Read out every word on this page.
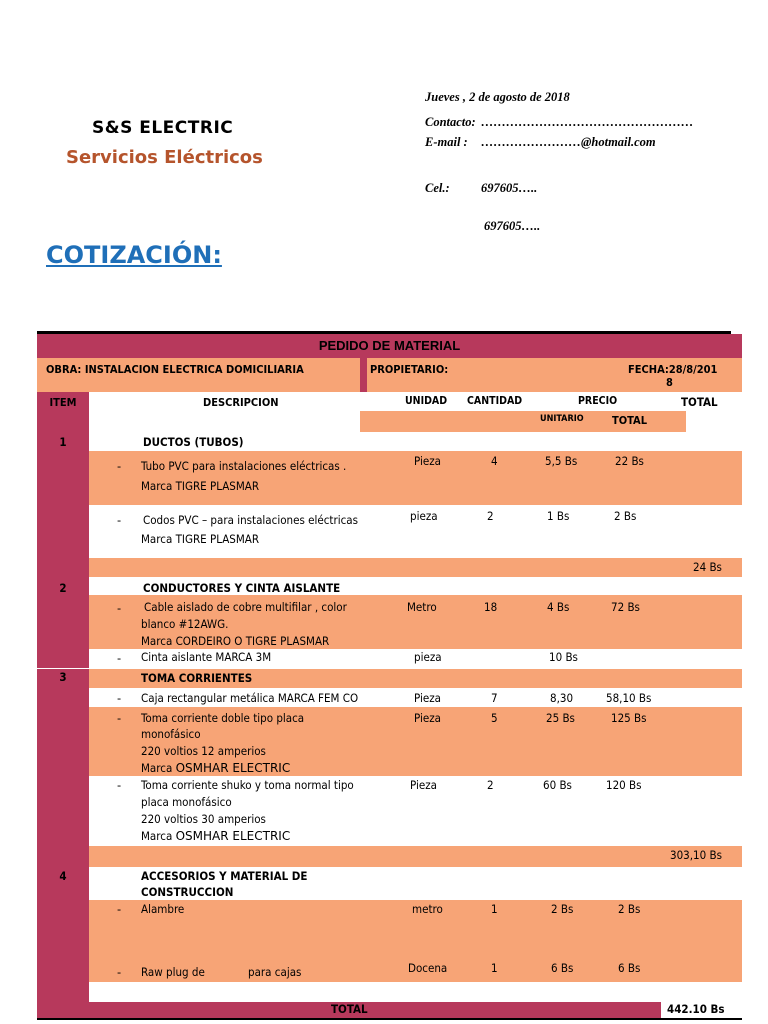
S&S ELECTRIC
Servicios Eléctricos
Jueves , 2 de agosto de 2018
Contacto: ……………………………………………
E-mail : ……………………@hotmail.com
Cel.:	697605…..
697605…..
COTIZACIÓN:
PEDIDO DE MATERIAL
OBRA: INSTALACION ELECTRICA DOMICILIARIA	PROPIETARIO:	FECHA:28/8/201
8
ITEM	DESCRIPCION	UNIDAD CANTIDAD	PRECIO	TOTAL
UNITARIO	TOTAL
1	DUCTOS (TUBOS)
- Tubo PVC para instalaciones eléctricas .
Marca TIGRE PLASMAR
Pieza	4	5,5 Bs	22 Bs
- Codos PVC – para instalaciones eléctricas
Marca TIGRE PLASMAR
pieza	2	1 Bs	2 Bs
24 Bs
2	CONDUCTORES Y CINTA AISLANTE
- Cable aislado de cobre multifilar , color
blanco #12AWG.
Marca CORDEIRO O TIGRE PLASMAR
Metro	18	4 Bs	72 Bs
- Cinta aislante MARCA 3M	pieza	10 Bs
3	TOMA CORRIENTES
- Caja rectangular metálica MARCA FEM CO	Pieza	7	8,30	58,10 Bs
- Toma corriente doble tipo placa
monofásico
220 voltios 12 amperios
Marca OSMHAR ELECTRIC
Pieza	5	25 Bs	125 Bs
- Toma corriente shuko y toma normal tipo
placa monofásico
220 voltios 30 amperios
Marca OSMHAR ELECTRIC
Pieza	2	60 Bs	120 Bs
303,10 Bs
4	ACCESORIOS Y MATERIAL DE
CONSTRUCCION
- Alambre	metro	1	2 Bs	2 Bs
- Raw plug de	para cajas	Docena	1	6 Bs	6 Bs
TOTAL	442.10 Bs
